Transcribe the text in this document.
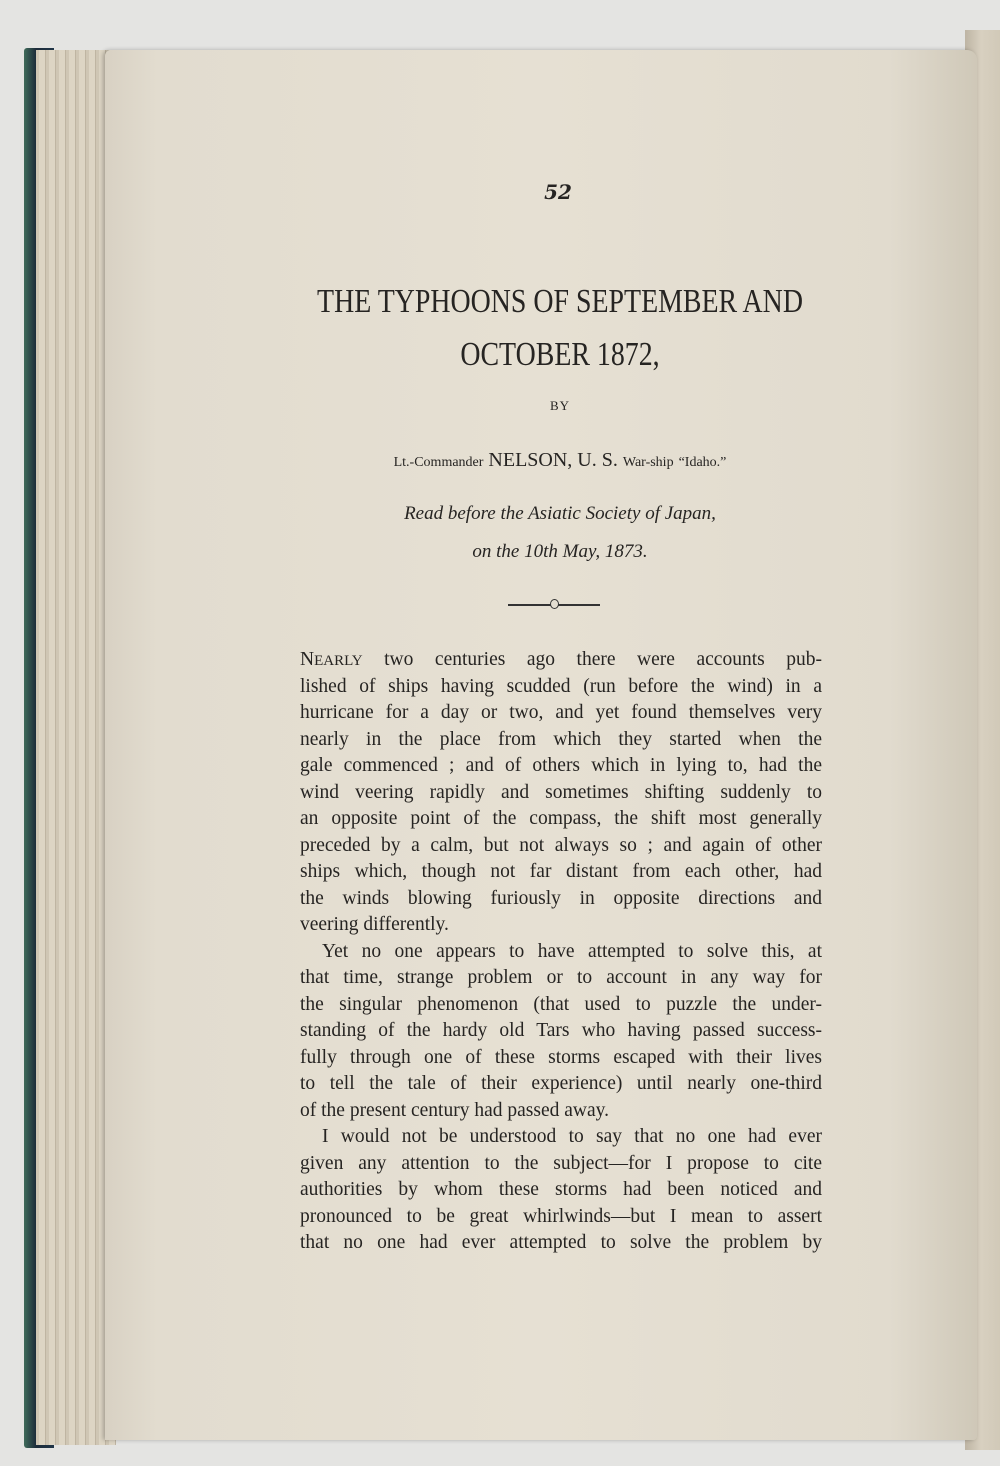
52
THE TYPHOONS OF SEPTEMBER AND
OCTOBER 1872,
BY
Lt.-Commander NELSON, U. S. War-ship “Idaho.”
Read before the Asiatic Society of Japan,
on the 10th May, 1873.
NEARLY two centuries ago there were accounts pub-
lished of ships having scudded (run before the wind) in a
hurricane for a day or two, and yet found themselves very
nearly in the place from which they started when the
gale commenced ; and of others which in lying to, had the
wind veering rapidly and sometimes shifting suddenly to
an opposite point of the compass, the shift most generally
preceded by a calm, but not always so ; and again of other
ships which, though not far distant from each other, had
the winds blowing furiously in opposite directions and
veering differently.
Yet no one appears to have attempted to solve this, at
that time, strange problem or to account in any way for
the singular phenomenon (that used to puzzle the under-
standing of the hardy old Tars who having passed success-
fully through one of these storms escaped with their lives
to tell the tale of their experience) until nearly one-third
of the present century had passed away.
I would not be understood to say that no one had ever
given any attention to the subject—for I propose to cite
authorities by whom these storms had been noticed and
pronounced to be great whirlwinds—but I mean to assert
that no one had ever attempted to solve the problem by
